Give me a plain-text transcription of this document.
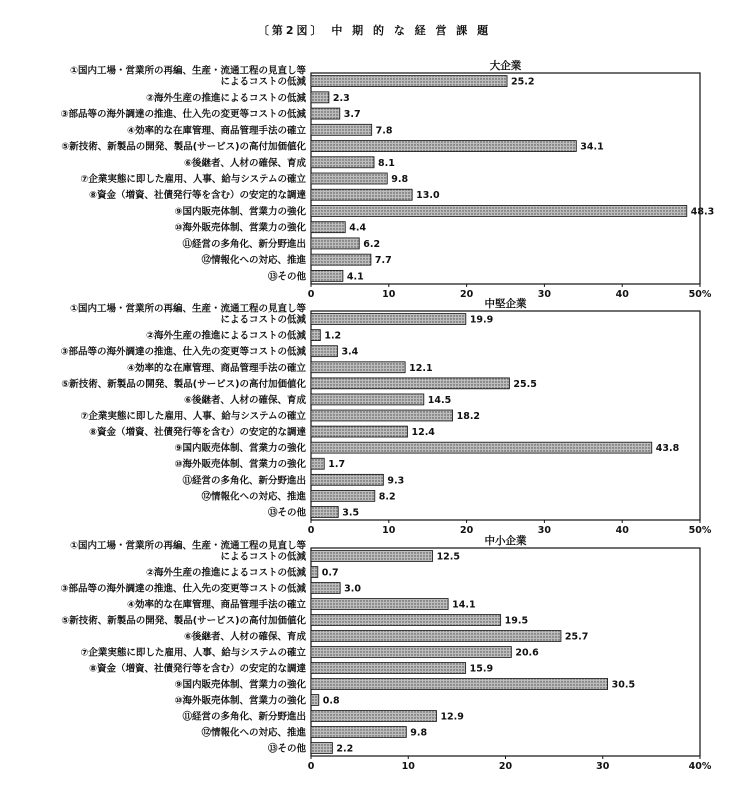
〔第2図〕 中 期 的 な 経 営 課 題
大企業
25.2
①国内工場・営業所の再編、生産・流通工程の見直し等
によるコストの低減
2.3
②海外生産の推進によるコストの低減
3.7
③部品等の海外調達の推進、仕入先の変更等コストの低減
7.8
④効率的な在庫管理、商品管理手法の確立
34.1
⑤新技術、新製品の開発、製品(サービス)の高付加価値化
8.1
⑥後継者、人材の確保、育成
9.8
⑦企業実態に即した雇用、人事、給与システムの確立
13.0
⑧資金（増資、社債発行等を含む）の安定的な調達
48.3
⑨国内販売体制、営業力の強化
4.4
⑩海外販売体制、営業力の強化
6.2
⑪経営の多角化、新分野進出
7.7
⑫情報化への対応、推進
4.1
⑬その他
0	10	20	30	40	50%
中堅企業
19.9
①国内工場・営業所の再編、生産・流通工程の見直し等
によるコストの低減
1.2
②海外生産の推進によるコストの低減
3.4
③部品等の海外調達の推進、仕入先の変更等コストの低減
12.1
④効率的な在庫管理、商品管理手法の確立
25.5
⑤新技術、新製品の開発、製品(サービス)の高付加価値化
14.5
⑥後継者、人材の確保、育成
18.2
⑦企業実態に即した雇用、人事、給与システムの確立
12.4
⑧資金（増資、社債発行等を含む）の安定的な調達
43.8
⑨国内販売体制、営業力の強化
1.7
⑩海外販売体制、営業力の強化
9.3
⑪経営の多角化、新分野進出
8.2
⑫情報化への対応、推進
3.5
⑬その他
0	10	20	30	40	50%
中小企業
12.5
①国内工場・営業所の再編、生産・流通工程の見直し等
によるコストの低減
0.7
②海外生産の推進によるコストの低減
3.0
③部品等の海外調達の推進、仕入先の変更等コストの低減
14.1
④効率的な在庫管理、商品管理手法の確立
19.5
⑤新技術、新製品の開発、製品(サービス)の高付加価値化
25.7
⑥後継者、人材の確保、育成
20.6
⑦企業実態に即した雇用、人事、給与システムの確立
15.9
⑧資金（増資、社債発行等を含む）の安定的な調達
30.5
⑨国内販売体制、営業力の強化
0.8
⑩海外販売体制、営業力の強化
12.9
⑪経営の多角化、新分野進出
9.8
⑫情報化への対応、推進
2.2
⑬その他
0	10	20	30	40%
